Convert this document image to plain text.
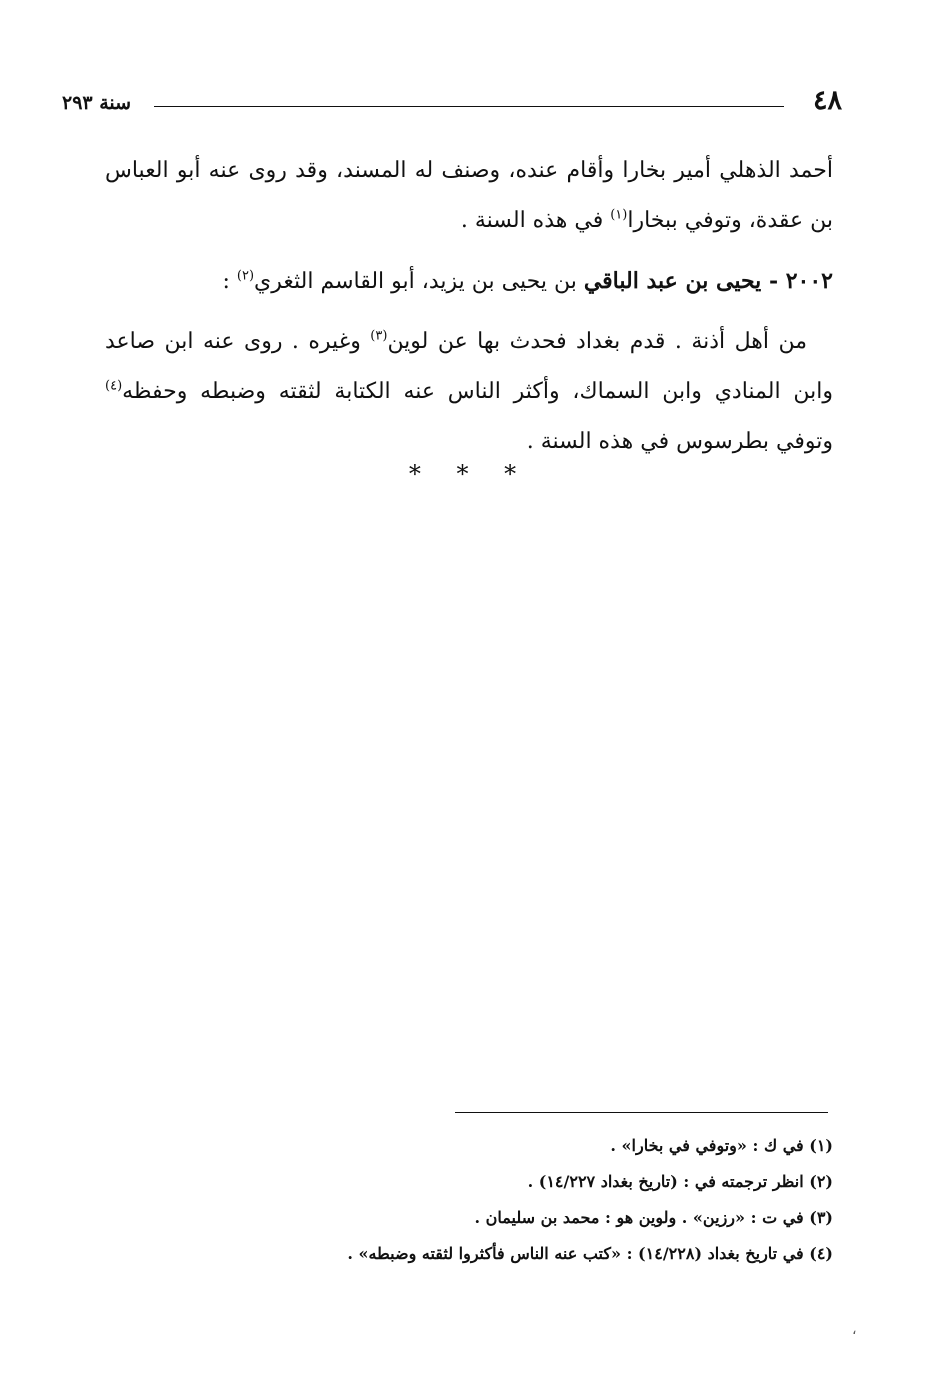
٤٨
سنة ٢٩٣

أحمد الذهلي أمير بخارا وأقام عنده، وصنف له المسند، وقد روى عنه أبو العباس بن عقدة، وتوفي ببخارا$^{(١)}$ في هذه السنة .

٢٠٠٢ - يحيى بن عبد الباقي بن يحيى بن يزيد، أبو القاسم الثغري$^{(٢)}$ :

من أهل أذنة . قدم بغداد فحدث بها عن لوين$^{(٣)}$ وغيره . روى عنه ابن صاعد وابن المنادي وابن السماك، وأكثر الناس عنه الكتابة لثقته وضبطه وحفظه$^{(٤)}$ وتوفي بطرسوس في هذه السنة .

* * *

(١) في ك : «وتوفي في بخارا» .

(٢) انظر ترجمته في : (تاريخ بغداد ١٤/٢٢٧) .

(٣) في ت : «رزين» . ولوين هو : محمد بن سليمان .

(٤) في تاريخ بغداد (١٤/٢٢٨) : «كتب عنه الناس فأكثروا لثقته وضبطه» .

،
